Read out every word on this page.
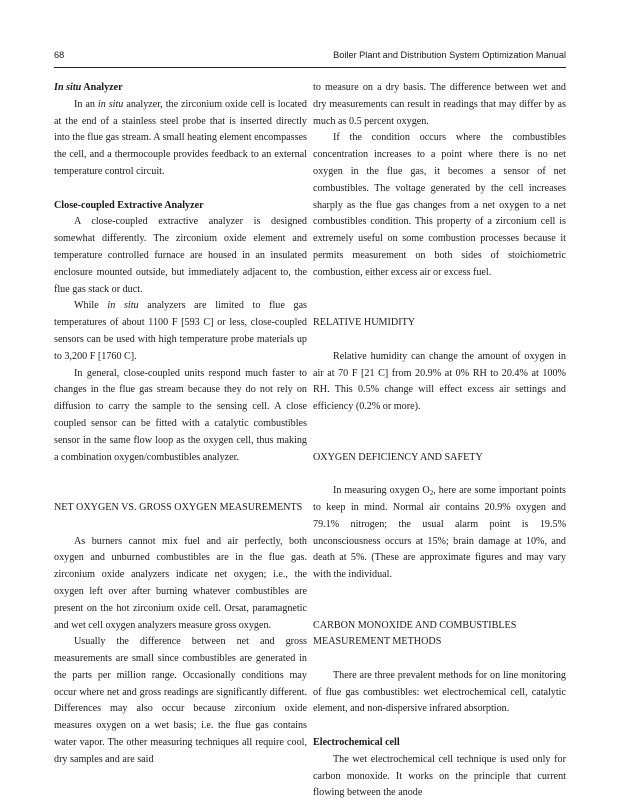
68	Boiler Plant and Distribution System Optimization Manual

In situ Analyzer

In an in situ analyzer, the zirconium oxide cell is located at the end of a stainless steel probe that is inserted directly into the flue gas stream. A small heating element encompasses the cell, and a thermocouple provides feedback to an external temperature control circuit.

Close-coupled Extractive Analyzer

A close-coupled extractive analyzer is designed somewhat differently. The zirconium oxide element and temperature controlled furnace are housed in an insulated enclosure mounted outside, but immediately adjacent to, the flue gas stack or duct.

While in situ analyzers are limited to flue gas temperatures of about 1100 F [593 C] or less, close-coupled sensors can be used with high temperature probe materials up to 3,200 F [1760 C].

In general, close-coupled units respond much faster to changes in the flue gas stream because they do not rely on diffusion to carry the sample to the sensing cell. A close coupled sensor can be fitted with a catalytic combustibles sensor in the same flow loop as the oxygen cell, thus making a combination oxygen/combustibles analyzer.

NET OXYGEN VS. GROSS OXYGEN MEASUREMENTS

As burners cannot mix fuel and air perfectly, both oxygen and unburned combustibles are in the flue gas. zirconium oxide analyzers indicate net oxygen; i.e., the oxygen left over after burning whatever combustibles are present on the hot zirconium oxide cell. Orsat, paramagnetic and wet cell oxygen analyzers measure gross oxygen.

Usually the difference between net and gross measurements are small since combustibles are generated in the parts per million range. Occasionally conditions may occur where net and gross readings are significantly different. Differences may also occur because zirconium oxide measures oxygen on a wet basis; i.e. the flue gas contains water vapor. The other measuring techniques all require cool, dry samples and are said

to measure on a dry basis. The difference between wet and dry measurements can result in readings that may differ by as much as 0.5 percent oxygen.

If the condition occurs where the combustibles concentration increases to a point where there is no net oxygen in the flue gas, it becomes a sensor of net combustibles. The voltage generated by the cell increases sharply as the flue gas changes from a net oxygen to a net combustibles condition. This property of a zirconium cell is extremely useful on some combustion processes because it permits measurement on both sides of stoichiometric combustion, either excess air or excess fuel.

RELATIVE HUMIDITY

Relative humidity can change the amount of oxygen in air at 70 F [21 C] from 20.9% at 0% RH to 20.4% at 100% RH. This 0.5% change will effect excess air settings and efficiency (0.2% or more).

OXYGEN DEFICIENCY AND SAFETY

In measuring oxygen $O_2$, here are some important points to keep in mind. Normal air contains 20.9% oxygen and 79.1% nitrogen; the usual alarm point is 19.5% unconsciousness occurs at 15%; brain damage at 10%, and death at 5%. (These are approximate figures and may vary with the individual.

CARBON MONOXIDE AND COMBUSTIBLES MEASUREMENT METHODS

There are three prevalent methods for on line monitoring of flue gas combustibles: wet electrochemical cell, catalytic element, and non-dispersive infrared absorption.

Electrochemical cell

The wet electrochemical cell technique is used only for carbon monoxide. It works on the principle that current flowing between the anode
